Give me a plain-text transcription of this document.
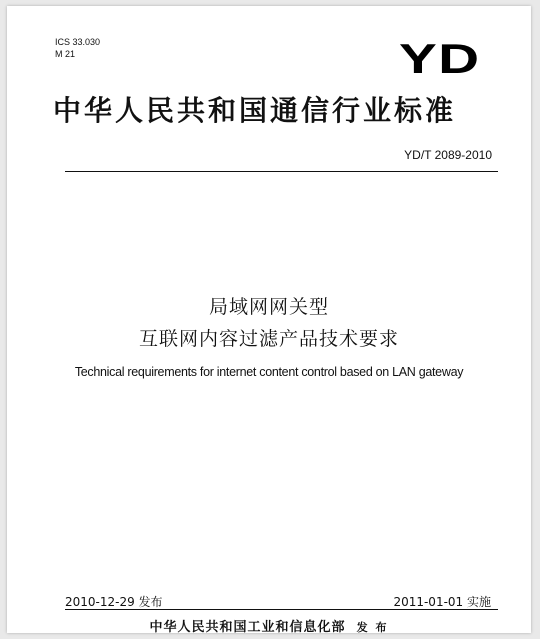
ICS 33.030
M 21	YD
中华人民共和国通信行业标准
YD/T 2089-2010
局域网网关型
互联网内容过滤产品技术要求
Technical requirements for internet content control based on LAN gateway
2010-12-29 发布	2011-01-01 实施
中华人民共和国工业和信息化部 发 布
